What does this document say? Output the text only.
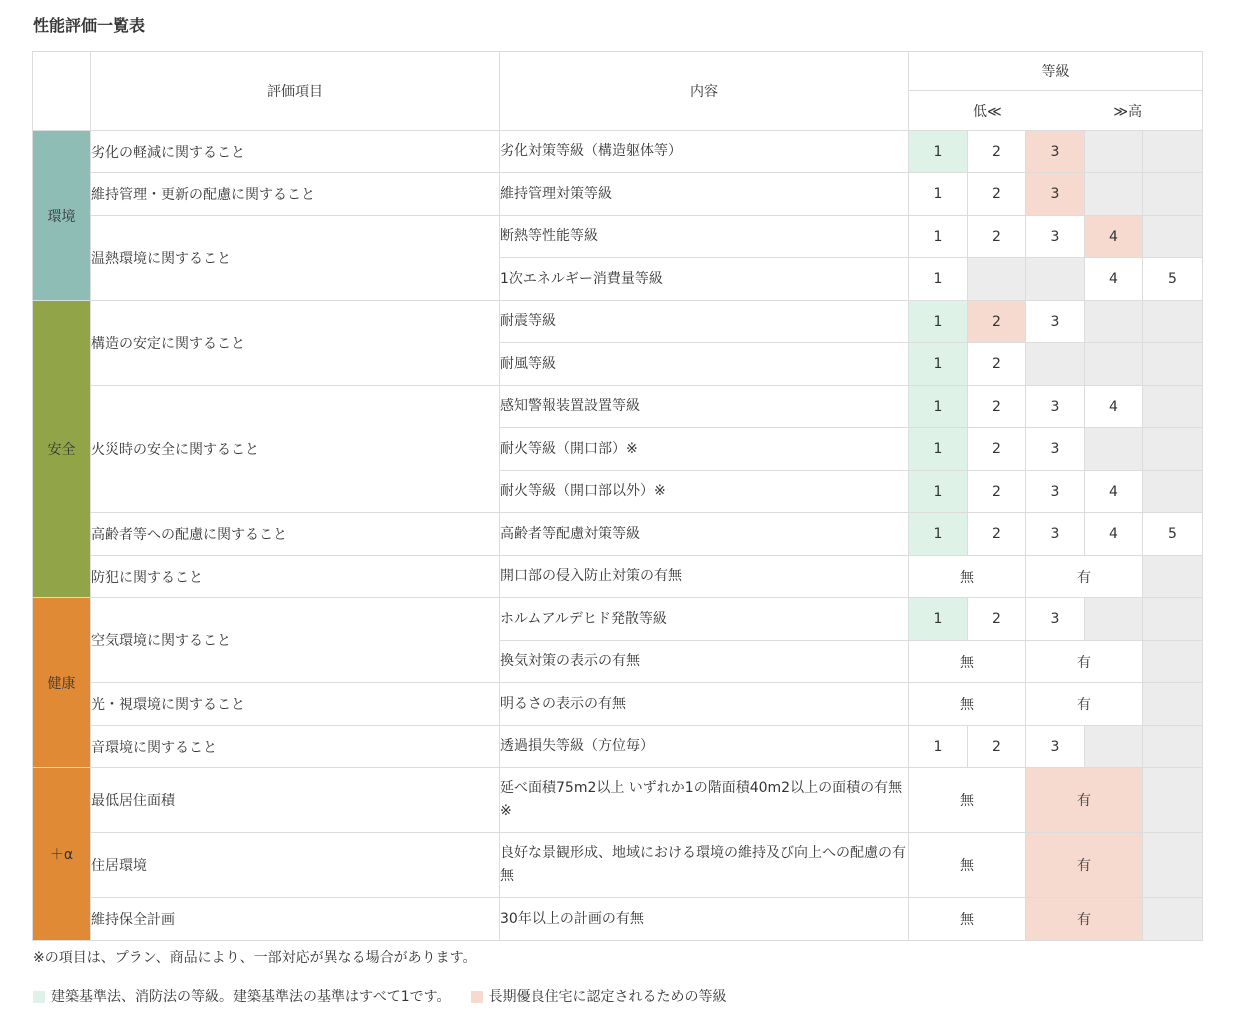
性能評価一覧表
	評価項目	内容	等級				

			低≪ ≫高				

環境	劣化の軽減に関すること	劣化対策等級（構造躯体等）	1	2	3		
	維持管理・更新の配慮に関すること	維持管理対策等級	1	2	3		
	温熱環境に関すること	断熱等性能等級	1	2	3	4	
		1次エネルギー消費量等級	1			4	5
安全	構造の安定に関すること	耐震等級	1	2	3		
		耐風等級	1	2			
	火災時の安全に関すること	感知警報装置設置等級	1	2	3	4	
		耐火等級（開口部）※	1	2	3		
		耐火等級（開口部以外）※	1	2	3	4	
	高齢者等への配慮に関すること	高齢者等配慮対策等級	1	2	3	4	5
	防犯に関すること	開口部の侵入防止対策の有無	無		有		
健康	空気環境に関すること	ホルムアルデヒド発散等級	1	2	3		
		換気対策の表示の有無	無		有		
	光・視環境に関すること	明るさの表示の有無	無		有		
	音環境に関すること	透過損失等級（方位毎）	1	2	3		
＋α	最低居住面積	延べ面積75m2以上 いずれか1の階面積40m2以上の面積の有無※	無		有		
	住居環境	良好な景観形成、地域における環境の維持及び向上への配慮の有無	無		有		
	維持保全計画	30年以上の計画の有無	無		有		

※の項目は、プラン、商品により、一部対応が異なる場合があります。

建築基準法、消防法の等級。建築基準法の基準はすべて1です。	長期優良住宅に認定されるための等級
